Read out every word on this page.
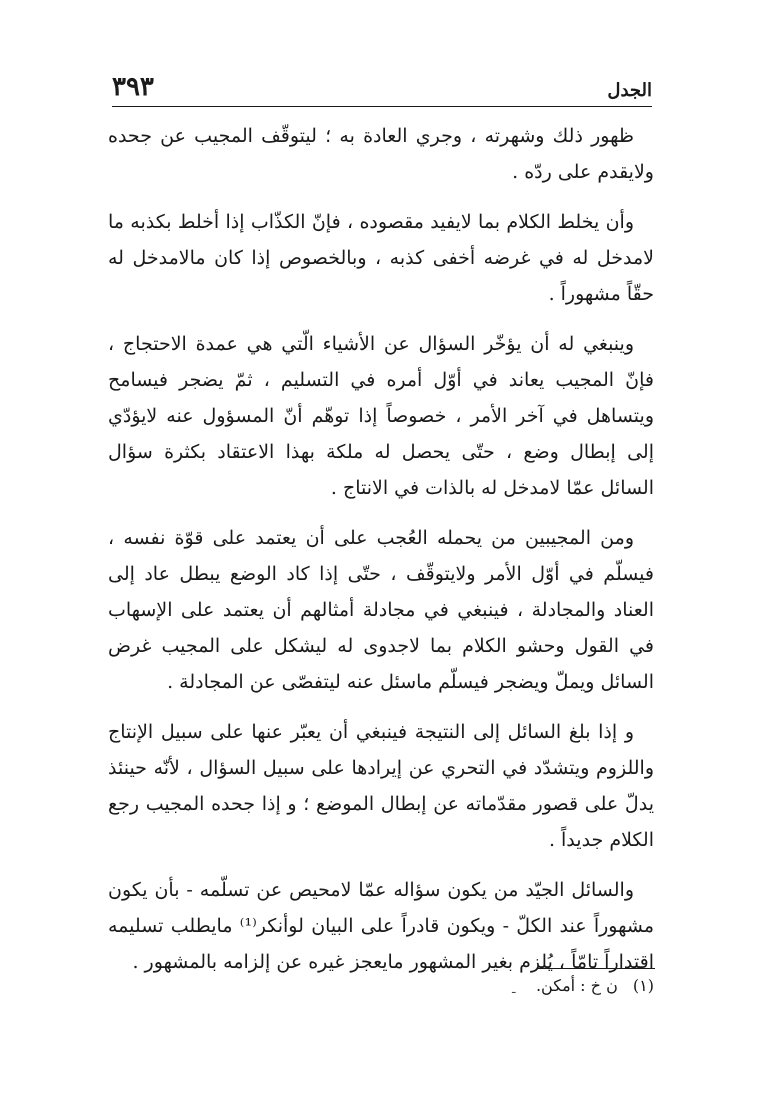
الجدل
٣٩٣

ظهور ذلك وشهرته ، وجري العادة به ؛ ليتوقّف المجيب عن جحده ولايقدم على ردّه .

وأن يخلط الكلام بما لايفيد مقصوده ، فإنّ الكذّاب إذا أخلط بكذبه ما لامدخل له في غرضه أخفى كذبه ، وبالخصوص إذا كان مالامدخل له حقّاً مشهوراً .

وينبغي له أن يؤخّر السؤال عن الأشياء الّتي هي عمدة الاحتجاج ، فإنّ المجيب يعاند في أوّل أمره في التسليم ، ثمّ يضجر فيسامح ويتساهل في آخر الأمر ، خصوصاً إذا توهّم أنّ المسؤول عنه لايؤدّي إلى إبطال وضع ، حتّى يحصل له ملكة بهذا الاعتقاد بكثرة سؤال السائل عمّا لامدخل له بالذات في الانتاج .

ومن المجيبين من يحمله العُجب على أن يعتمد على قوّة نفسه ، فيسلّم في أوّل الأمر ولايتوقّف ، حتّى إذا كاد الوضع يبطل عاد إلى العناد والمجادلة ، فينبغي في مجادلة أمثالهم أن يعتمد على الإسهاب في القول وحشو الكلام بما لاجدوى له ليشكل على المجيب غرض السائل ويملّ ويضجر فيسلّم ماسئل عنه ليتفصّى عن المجادلة .

و إذا بلغ السائل إلى النتيجة فينبغي أن يعبّر عنها على سبيل الإنتاج واللزوم ويتشدّد في التحري عن إيرادها على سبيل السؤال ، لأنّه حينئذ يدلّ على قصور مقدّماته عن إبطال الموضع ؛ و إذا جحده المجيب رجع الكلام جديداً .

والسائل الجيّد من يكون سؤاله عمّا لامحيص عن تسلّمه - بأن يكون مشهوراً عند الكلّ - ويكون قادراً على البيان لوأنكر⁽¹⁾ مايطلب تسليمه اقتداراً تامّاً ، يُلزم بغير المشهور مايعجز غيره عن إلزامه بالمشهور .

(١) ن خ : أمكن.
ـ
